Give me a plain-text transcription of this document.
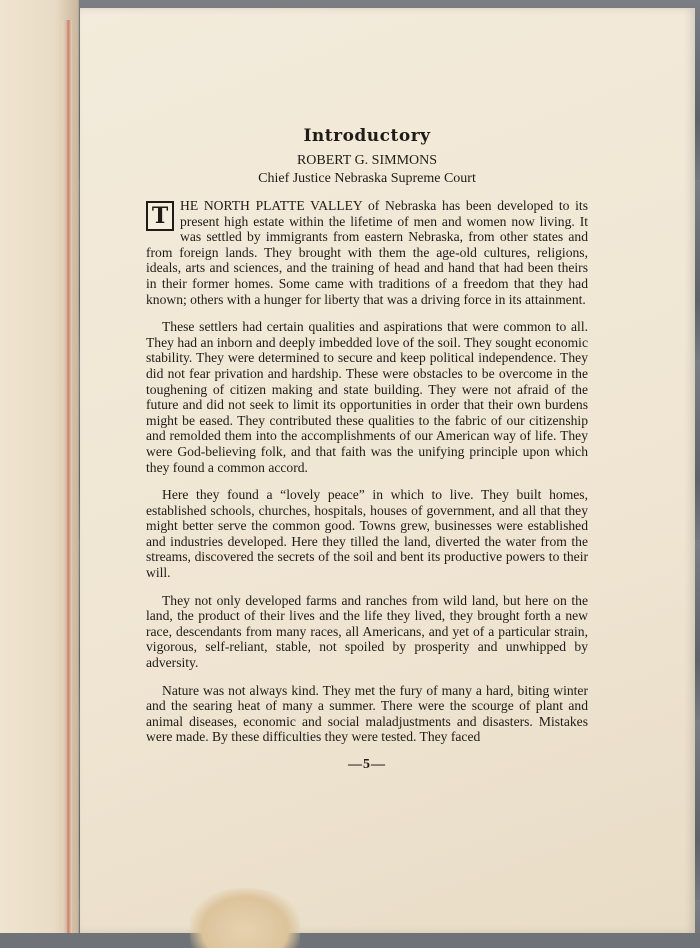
Introductory

ROBERT G. SIMMONS

Chief Justice Nebraska Supreme Court

T HE NORTH PLATTE VALLEY of Nebraska has been developed to its present high estate within the lifetime of men and women now living. It was settled by immigrants from eastern Nebraska, from other states and from foreign lands. They brought with them the age-old cultures, religions, ideals, arts and sciences, and the training of head and hand that had been theirs in their former homes. Some came with traditions of a freedom that they had known; others with a hunger for liberty that was a driving force in its attainment.

These settlers had certain qualities and aspirations that were common to all. They had an inborn and deeply imbedded love of the soil. They sought economic stability. They were determined to secure and keep political independence. They did not fear privation and hardship. These were obstacles to be overcome in the toughening of citizen making and state building. They were not afraid of the future and did not seek to limit its opportunities in order that their own burdens might be eased. They contributed these qualities to the fabric of our citizenship and remolded them into the accomplishments of our American way of life. They were God-believing folk, and that faith was the unifying principle upon which they found a common accord.

Here they found a “lovely peace” in which to live. They built homes, established schools, churches, hospitals, houses of government, and all that they might better serve the common good. Towns grew, businesses were established and industries developed. Here they tilled the land, diverted the water from the streams, discovered the secrets of the soil and bent its productive powers to their will.

They not only developed farms and ranches from wild land, but here on the land, the product of their lives and the life they lived, they brought forth a new race, descendants from many races, all Americans, and yet of a particular strain, vigorous, self-reliant, stable, not spoiled by prosperity and unwhipped by adversity.

Nature was not always kind. They met the fury of many a hard, biting winter and the searing heat of many a summer. There were the scourge of plant and animal diseases, economic and social maladjustments and disasters. Mistakes were made. By these difficulties they were tested. They faced

—5—
